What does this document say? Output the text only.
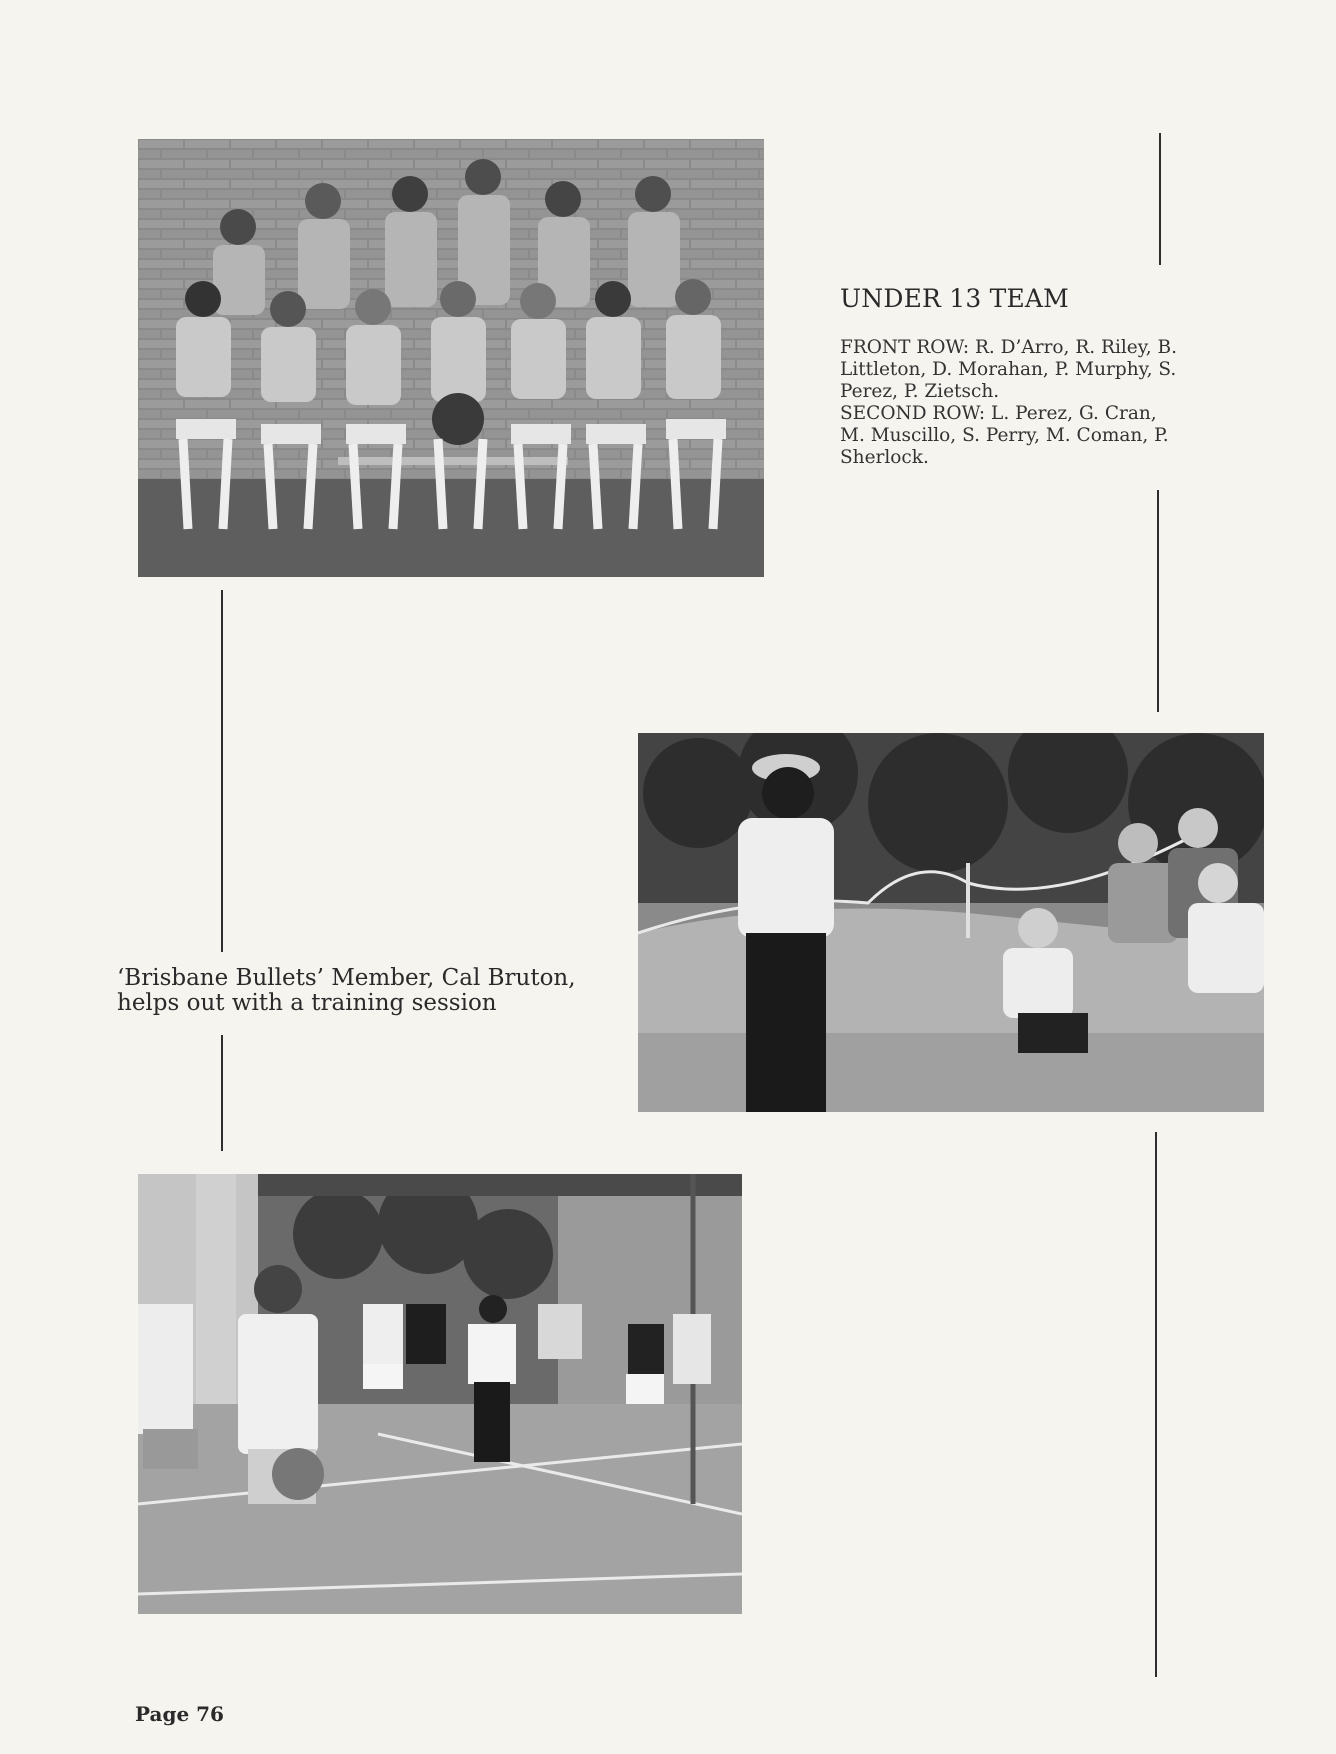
UNDER 13 TEAM

FRONT ROW: R. D’Arro, R. Riley, B. Littleton, D. Morahan, P. Murphy, S. Perez, P. Zietsch.

SECOND ROW: L. Perez, G. Cran, M. Muscillo, S. Perry, M. Coman, P. Sherlock.

‘Brisbane Bullets’ Member, Cal Bruton, helps out with a training session
Page 76
